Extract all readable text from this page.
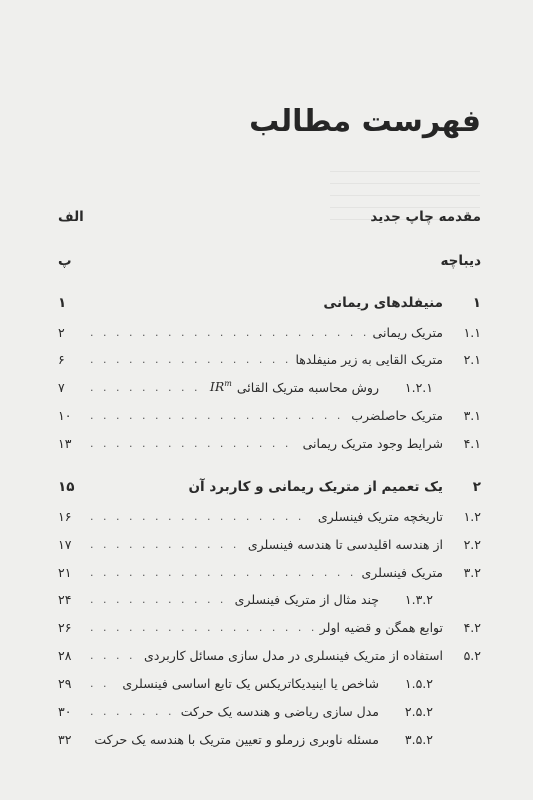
فهرست مطالب
مقدمه چاپ جدید
الف
دیباچه
پ
۱
منیفلدهای ریمانی
۱
۱.۱
متریک ریمانی
. . .
۲
۲.۱
متریک القایی به زیر منیفلدها
. . .
۶
۱.۲.۱
روش محاسبه متریک القائی
$IR^m$
. . .
۷
۳.۱
متریک حاصلضرب
. . .
۱۰
۴.۱
شرایط وجود متریک ریمانی
. . .
۱۳
۲
یک تعمیم از متریک ریمانی و کاربرد آن
۱۵
۱.۲
تاریخچه متریک فینسلری
. . .
۱۶
۲.۲
از هندسه اقلیدسی تا هندسه فینسلری
. . .
۱۷
۳.۲
متریک فینسلری
. . .
۲۱
۱.۳.۲
چند مثال از متریک فینسلری
. . .
۲۴
۴.۲
توابع همگن و قضیه اولر
. . .
۲۶
۵.۲
استفاده از متریک فینسلری در مدل سازی مسائل کاربردی
. . .
۲۸
۱.۵.۲
شاخص یا اینیدیکاتریکس یک تابع اساسی فینسلری
. . .
۲۹
۲.۵.۲
مدل سازی ریاضی و هندسه یک حرکت
. . .
۳۰
۳.۵.۲
مسئله ناوبری زرملو و تعیین متریک با هندسه یک حرکت
۳۲
